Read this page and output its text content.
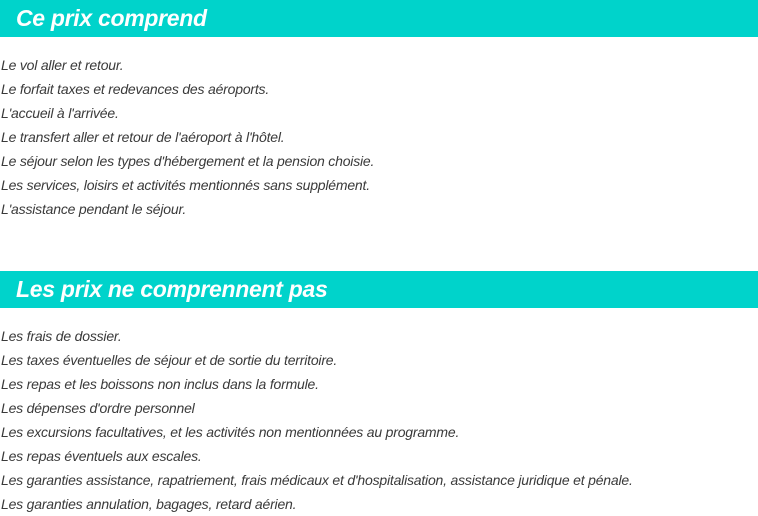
Ce prix comprend
Le vol aller et retour.
Le forfait taxes et redevances des aéroports.
L'accueil à l'arrivée.
Le transfert aller et retour de l'aéroport à l'hôtel.
Le séjour selon les types d'hébergement et la pension choisie.
Les services, loisirs et activités mentionnés sans supplément.
L'assistance pendant le séjour.
Les prix ne comprennent pas
Les frais de dossier.
Les taxes éventuelles de séjour et de sortie du territoire.
Les repas et les boissons non inclus dans la formule.
Les dépenses d'ordre personnel
Les excursions facultatives, et les activités non mentionnées au programme.
Les repas éventuels aux escales.
Les garanties assistance, rapatriement, frais médicaux et d'hospitalisation, assistance juridique et pénale.
Les garanties annulation, bagages, retard aérien.
